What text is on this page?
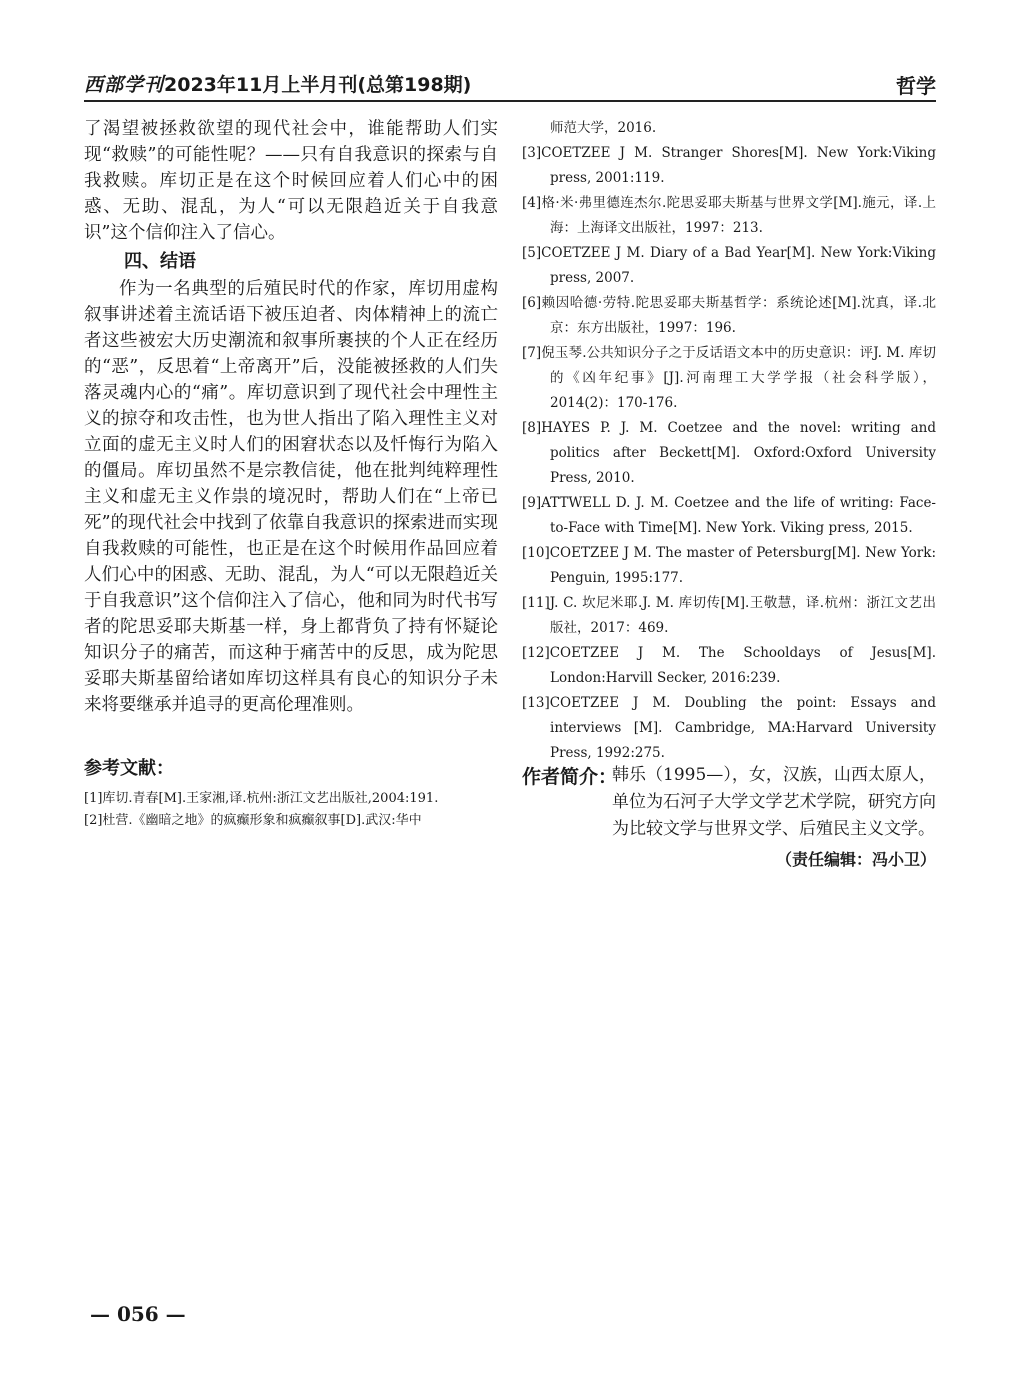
西部学刊2023年11月上半月刊(总第198期)	哲学

了渴望被拯救欲望的现代社会中，谁能帮助人们实现“救赎”的可能性呢？——只有自我意识的探索与自我救赎。库切正是在这个时候回应着人们心中的困惑、无助、混乱，为人“可以无限趋近关于自我意识”这个信仰注入了信心。

四、结语

作为一名典型的后殖民时代的作家，库切用虚构叙事讲述着主流话语下被压迫者、肉体精神上的流亡者这些被宏大历史潮流和叙事所裹挟的个人正在经历的“恶”，反思着“上帝离开”后，没能被拯救的人们失落灵魂内心的“痛”。库切意识到了现代社会中理性主义的掠夺和攻击性，也为世人指出了陷入理性主义对立面的虚无主义时人们的困窘状态以及忏悔行为陷入的僵局。库切虽然不是宗教信徒，他在批判纯粹理性主义和虚无主义作祟的境况时，帮助人们在“上帝已死”的现代社会中找到了依靠自我意识的探索进而实现自我救赎的可能性，也正是在这个时候用作品回应着人们心中的困惑、无助、混乱，为人“可以无限趋近关于自我意识”这个信仰注入了信心，他和同为时代书写者的陀思妥耶夫斯基一样，身上都背负了持有怀疑论知识分子的痛苦，而这种于痛苦中的反思，成为陀思妥耶夫斯基留给诸如库切这样具有良心的知识分子未来将要继承并追寻的更高伦理准则。

参考文献：
[1]库切.青春[M].王家湘,译.杭州:浙江文艺出版社,2004:191.
[2]杜营.《幽暗之地》的疯癫形象和疯癫叙事[D].武汉:华中
师范大学，2016.
[3]COETZEE J M. Stranger Shores[M]. New York:Viking press, 2001:119.
[4]格·米·弗里德连杰尔.陀思妥耶夫斯基与世界文学[M].施元，译.上海：上海译文出版社，1997：213.
[5]COETZEE J M. Diary of a Bad Year[M]. New York:Viking press, 2007.
[6]赖因哈德·劳特.陀思妥耶夫斯基哲学：系统论述[M].沈真，译.北京：东方出版社，1997：196.
[7]倪玉琴.公共知识分子之于反话语文本中的历史意识：评J. M. 库切的《凶年纪事》[J].河南理工大学学报（社会科学版），2014(2)：170-176.
[8]HAYES P. J. M. Coetzee and the novel: writing and politics after Beckett[M]. Oxford:Oxford University Press, 2010.
[9]ATTWELL D. J. M. Coetzee and the life of writing: Face-to-Face with Time[M]. New York. Viking press, 2015.
[10]COETZEE J M. The master of Petersburg[M]. New York: Penguin, 1995:177.
[11]J. C. 坎尼米耶.J. M. 库切传[M].王敬慧，译.杭州：浙江文艺出版社，2017：469.
[12]COETZEE J M. The Schooldays of Jesus[M]. London:Harvill Secker, 2016:239.
[13]COETZEE J M. Doubling the point: Essays and interviews [M]. Cambridge, MA:Harvard University Press, 1992:275.
作者简介：
韩乐（1995—），女，汉族，山西太原人，单位为石河子大学文学艺术学院，研究方向为比较文学与世界文学、后殖民主义文学。
（责任编辑：冯小卫）
— 056 —
